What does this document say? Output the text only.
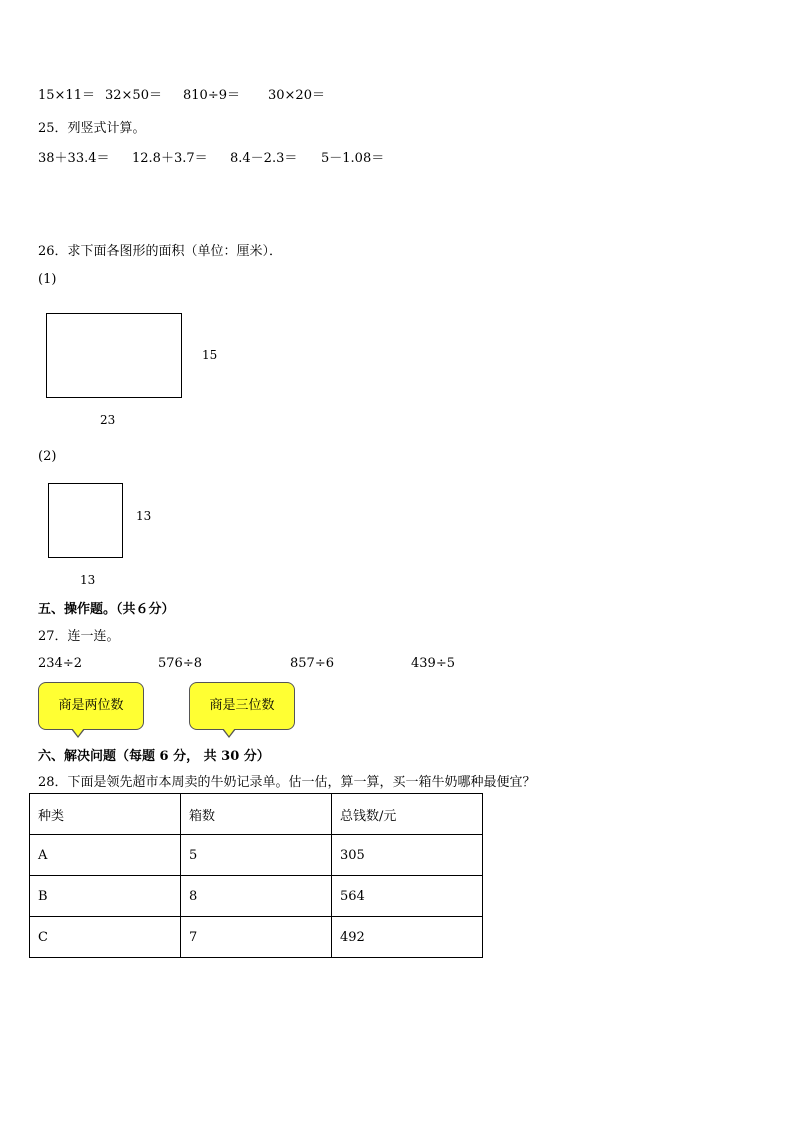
15×11＝ 32×50＝ 810÷9＝ 30×20＝
25．列竖式计算。
38＋33.4＝ 12.8＋3.7＝ 8.4－2.3＝ 5－1.08＝
26．求下面各图形的面积（单位：厘米）．
(1)
15
23
(2)
13
13
五、操作题。（共６分）
27．连一连。
234÷2	576÷8	857÷6	439÷5
商是两位数	商是三位数
六、解决问题（每题 6 分， 共 30 分）
28．下面是领先超市本周卖的牛奶记录单。估一估，算一算，买一箱牛奶哪种最便宜？
种类	箱数	总钱数/元
A	5	305
B	8	564
C	7	492
